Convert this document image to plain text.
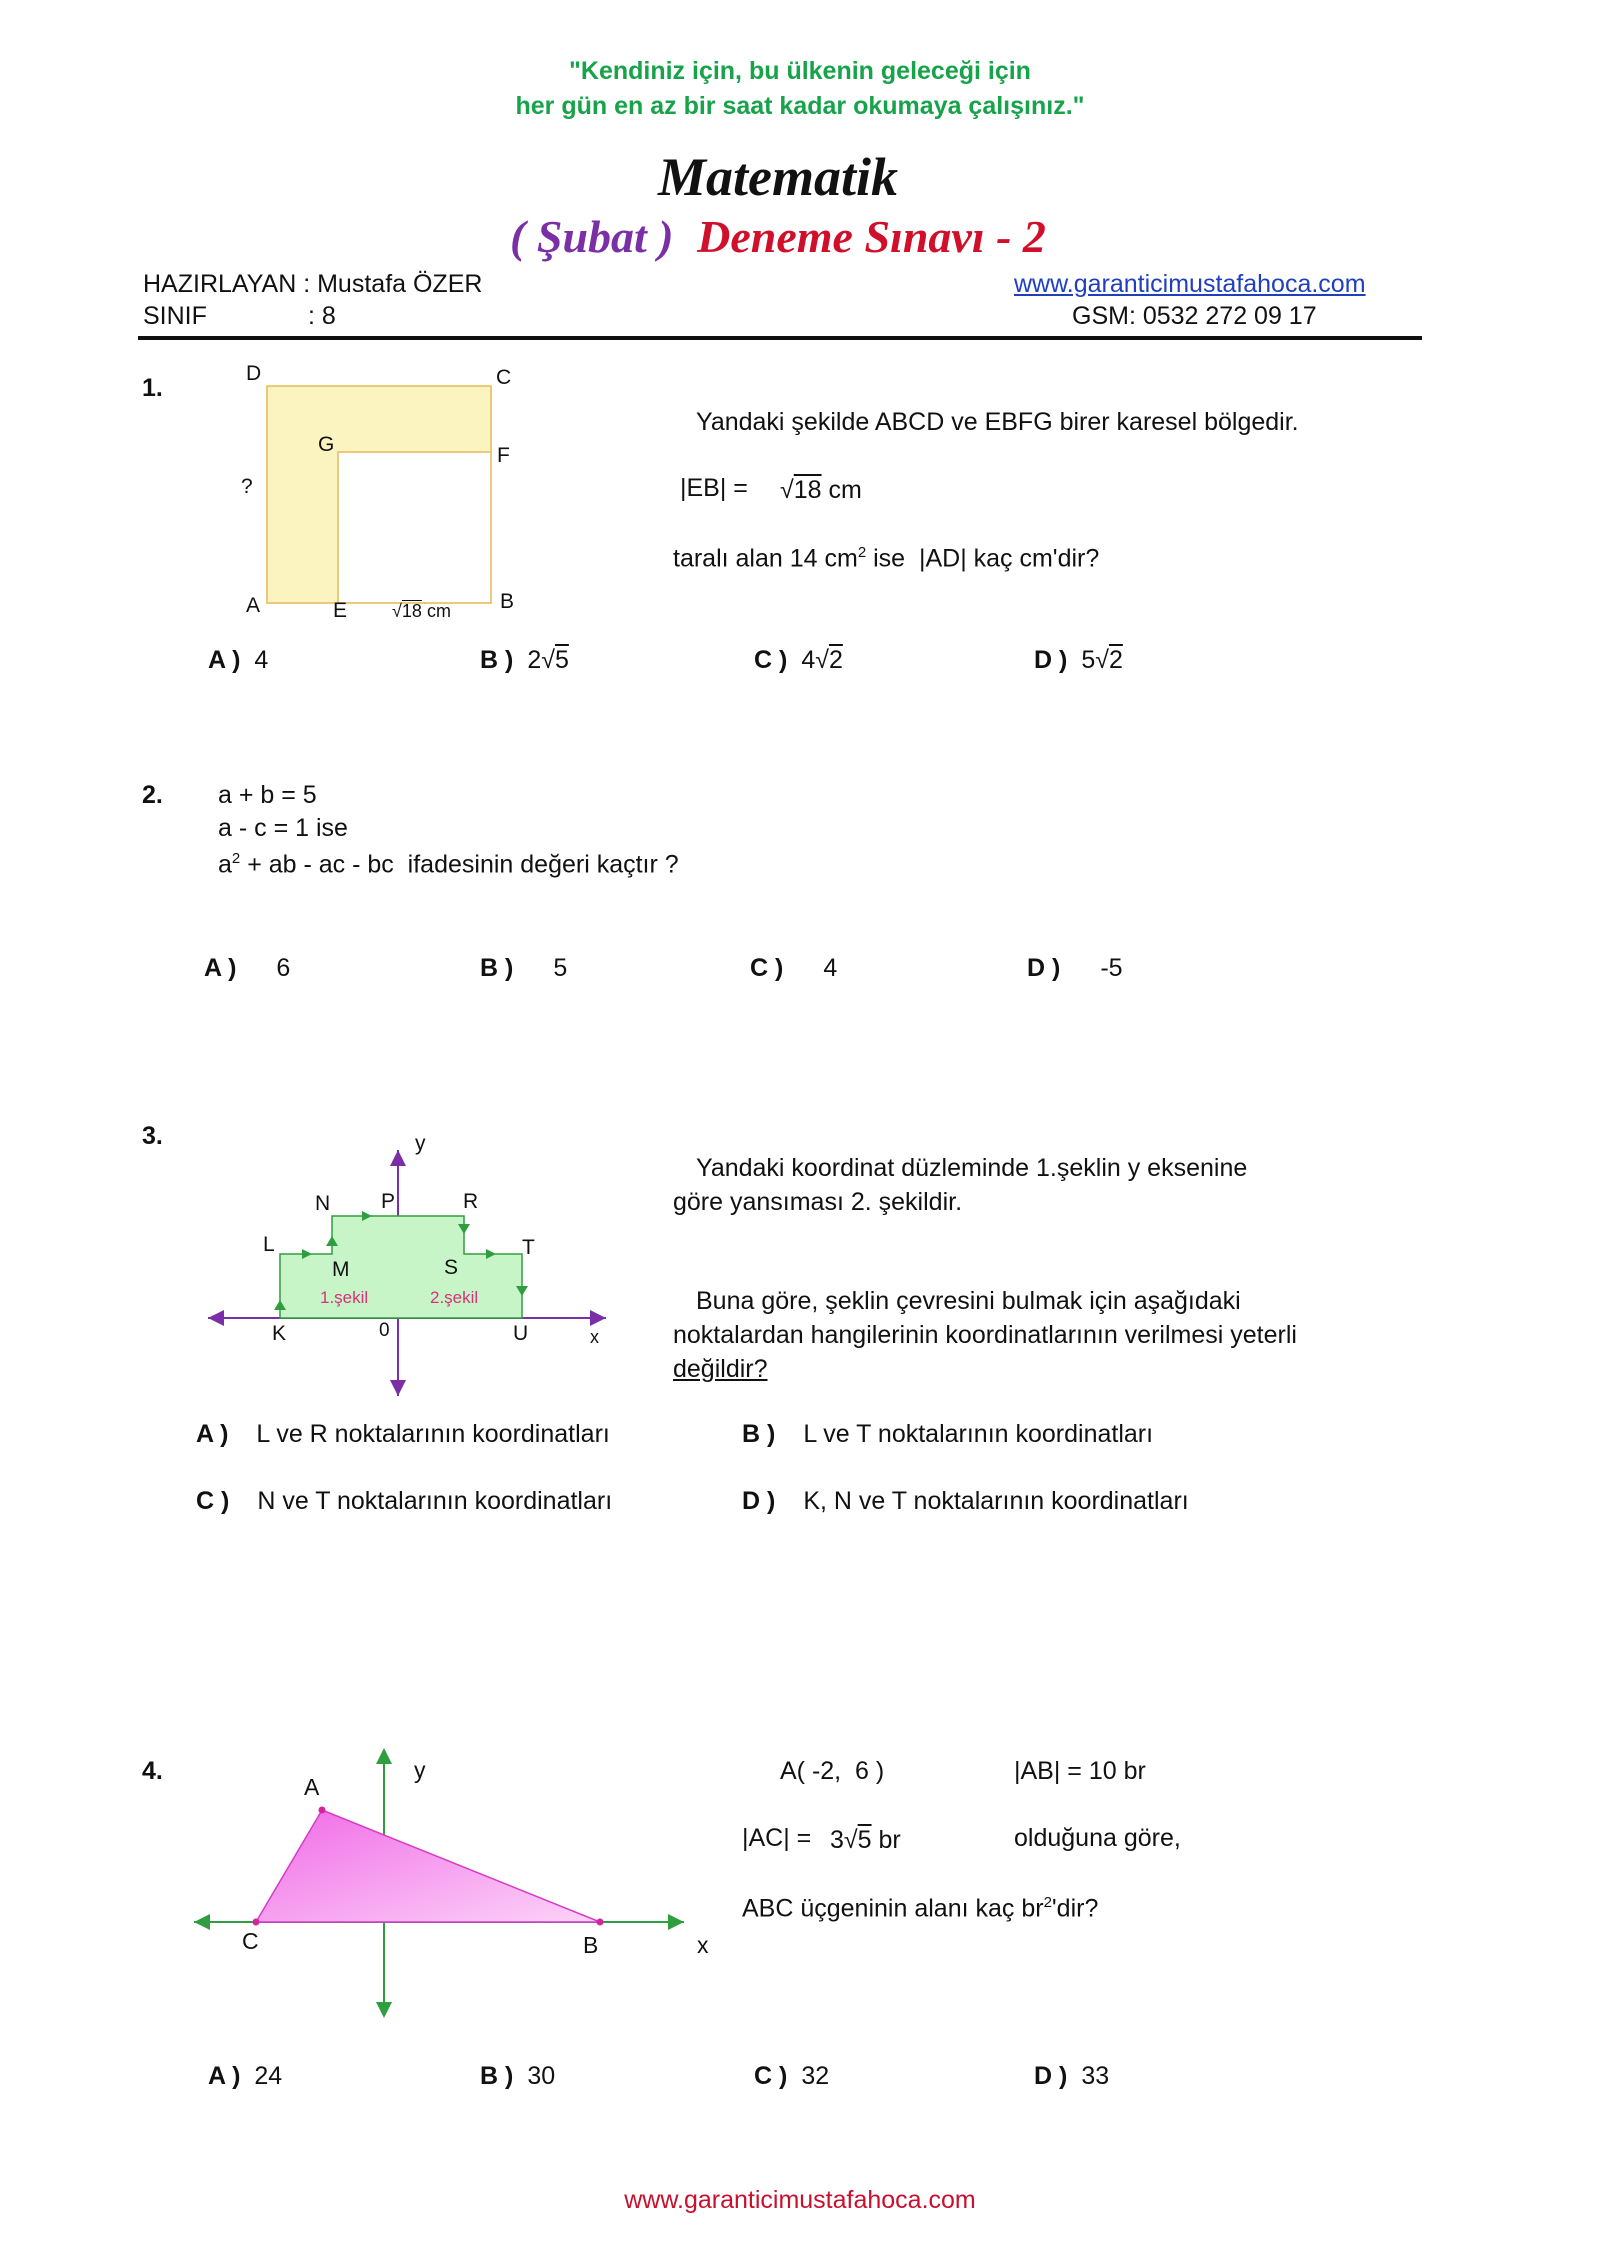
"Kendiniz için, bu ülkenin geleceği için
her gün en az bir saat kadar okumaya çalışınız."
Matematik
( Şubat ) Deneme Sınavı - 2
HAZIRLAYAN : Mustafa ÖZER
SINIF	: 8
www.garanticimustafahoca.com
GSM: 0532 272 09 17
1.
D	C
G	F
?
A	E	B
√ 18 cm
Yandaki şekilde ABCD ve EBFG birer karesel bölgedir.
|EB| =	√ 18 cm
taralı alan 14 $cm^2$ ise  |AD| kaç cm'dir?
A ) 4	B ) 2 √ 5	C ) 4 √ 2	D ) 5 √ 2
2. a + b = 5
a - c = 1 ise
$a^2$ + ab - ac - bc  ifadesinin değeri kaçtır ?
A ) 6	B ) 5	C ) 4	D ) -5
3.	y
x
0
N P	R
L	T
M	S
K	U
1.şekil	2.şekil
Yandaki koordinat düzleminde 1.şeklin y eksenine
göre yansıması 2. şekildir.
Buna göre, şeklin çevresini bulmak için aşağıdaki
noktalardan hangilerinin koordinatlarının verilmesi yeterli
değildir?
A ) L ve R noktalarının koordinatları	B ) L ve T noktalarının koordinatları
C ) N ve T noktalarının koordinatları	D ) K, N ve T noktalarının koordinatları
4.
A
B
C	x
y	A( -2,  6 )	|AB| = 10 br
|AC| = 3 √ 5 br	olduğuna göre,
ABC üçgeninin alanı kaç $br^2'dir$?
A ) 24	B ) 30	C ) 32	D ) 33
www.garanticimustafahoca.com
